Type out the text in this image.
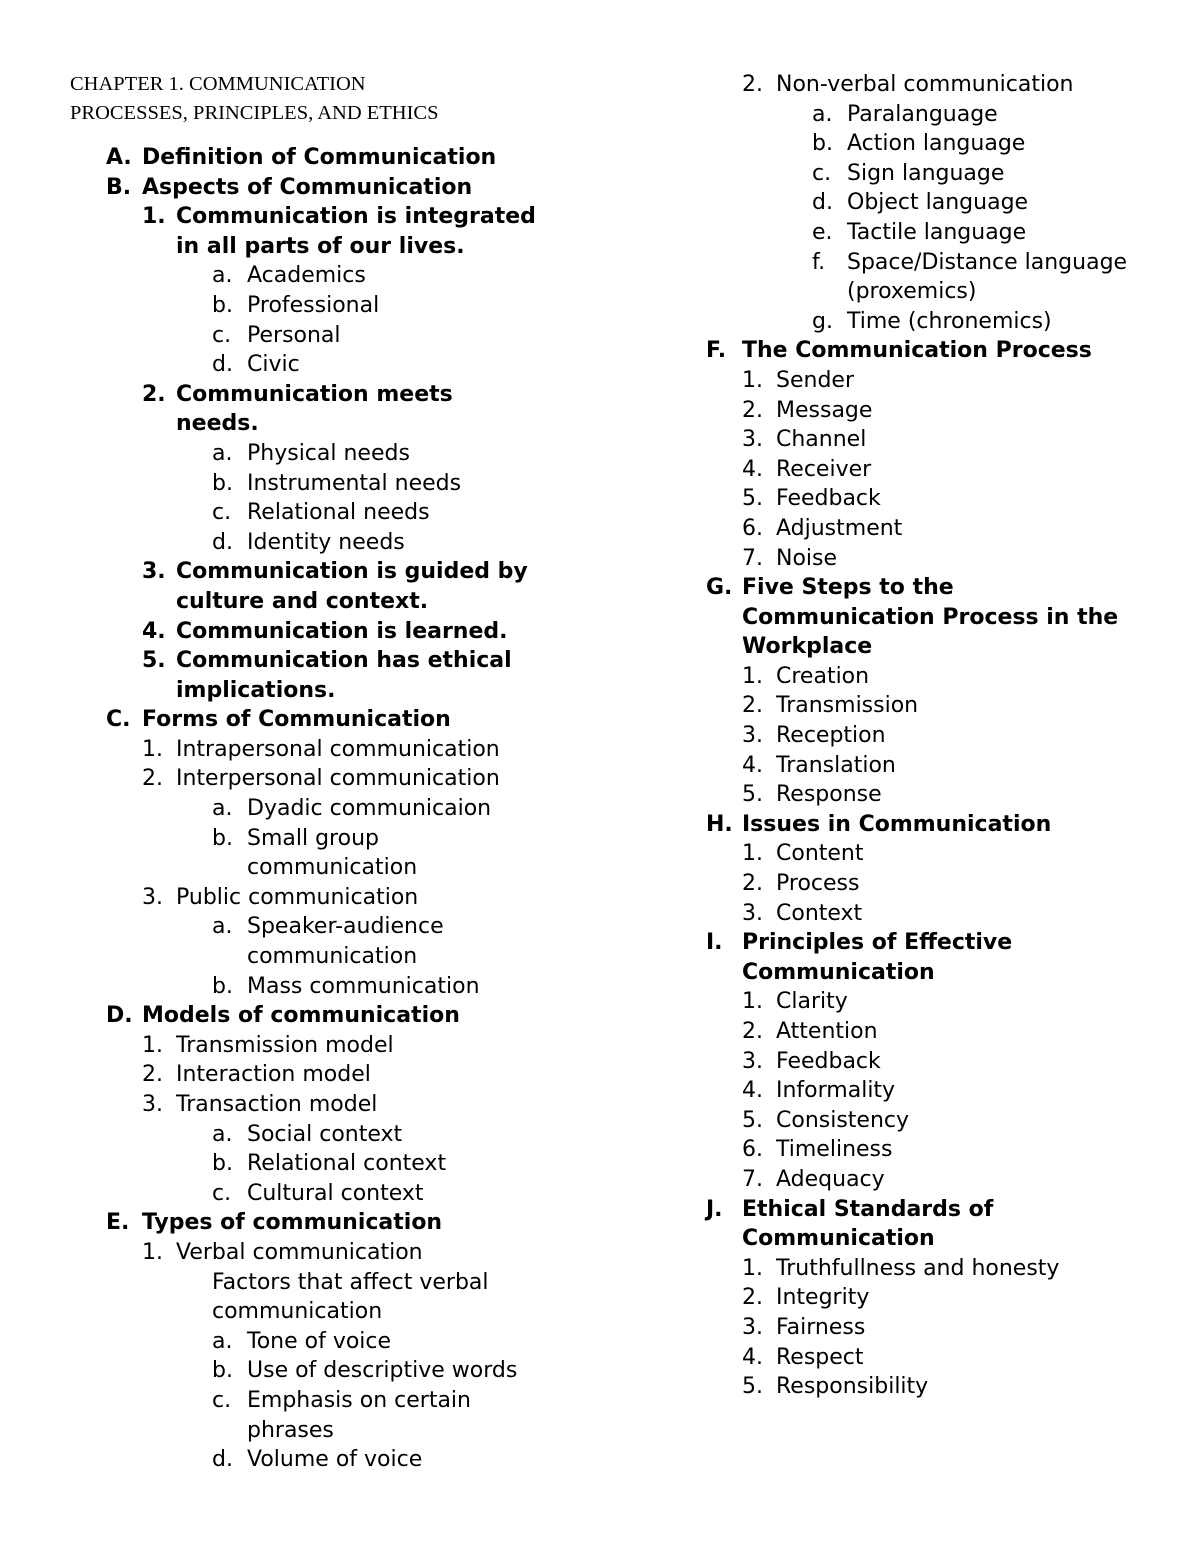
CHAPTER 1. COMMUNICATION
PROCESSES, PRINCIPLES, AND ETHICS
A. Definition of Communication
B. Aspects of Communication
1. Communication is integrated
in all parts of our lives.
a. Academics
b. Professional
c. Personal
d. Civic
2. Communication meets
needs.
a. Physical needs
b. Instrumental needs
c. Relational needs
d. Identity needs
3. Communication is guided by
culture and context.
4. Communication is learned.
5. Communication has ethical
implications.
C. Forms of Communication
1. Intrapersonal communication
2. Interpersonal communication
a. Dyadic communicaion
b. Small group
communication
3. Public communication
a. Speaker-audience
communication
b. Mass communication
D. Models of communication
1. Transmission model
2. Interaction model
3. Transaction model
a. Social context
b. Relational context
c. Cultural context
E. Types of communication
1. Verbal communication
Factors that affect verbal
communication
a. Tone of voice
b. Use of descriptive words
c. Emphasis on certain
phrases
d. Volume of voice
2. Non-verbal communication
a. Paralanguage
b. Action language
c. Sign language
d. Object language
e. Tactile language
f. Space/Distance language
(proxemics)
g. Time (chronemics)
F. The Communication Process
1. Sender
2. Message
3. Channel
4. Receiver
5. Feedback
6. Adjustment
7. Noise
G. Five Steps to the
Communication Process in the
Workplace
1. Creation
2. Transmission
3. Reception
4. Translation
5. Response
H. Issues in Communication
1. Content
2. Process
3. Context
I. Principles of Effective
Communication
1. Clarity
2. Attention
3. Feedback
4. Informality
5. Consistency
6. Timeliness
7. Adequacy
J. Ethical Standards of
Communication
1. Truthfullness and honesty
2. Integrity
3. Fairness
4. Respect
5. Responsibility
